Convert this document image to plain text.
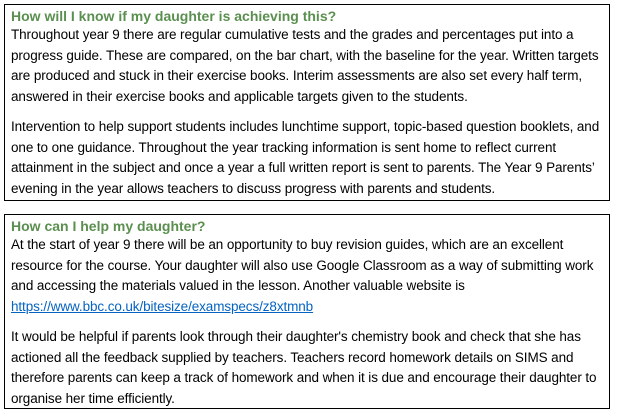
How will I know if my daughter is achieving this?

Throughout year 9 there are regular cumulative tests and the grades and percentages put into a progress guide. These are compared, on the bar chart, with the baseline for the year. Written targets are produced and stuck in their exercise books. Interim assessments are also set every half term, answered in their exercise books and applicable targets given to the students.

Intervention to help support students includes lunchtime support, topic-based question booklets, and one to one guidance. Throughout the year tracking information is sent home to reflect current attainment in the subject and once a year a full written report is sent to parents. The Year 9 Parents’ evening in the year allows teachers to discuss progress with parents and students.

How can I help my daughter?

At the start of year 9 there will be an opportunity to buy revision guides, which are an excellent resource for the course. Your daughter will also use Google Classroom as a way of submitting work and accessing the materials valued in the lesson. Another valuable website is
https://www.bbc.co.uk/bitesize/examspecs/z8xtmnb

It would be helpful if parents look through their daughter's chemistry book and check that she has actioned all the feedback supplied by teachers. Teachers record homework details on SIMS and therefore parents can keep a track of homework and when it is due and encourage their daughter to organise her time efficiently.
